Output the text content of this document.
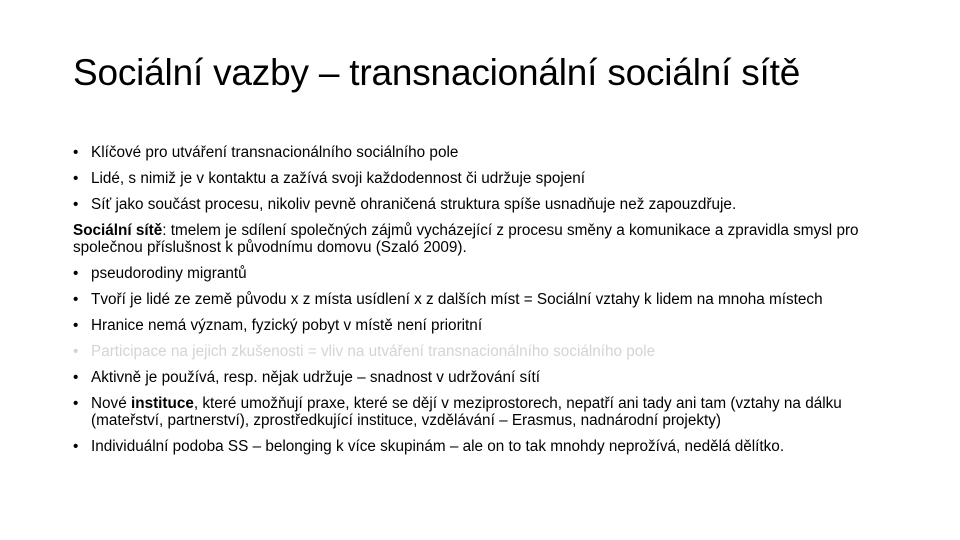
Sociální vazby – transnacionální sociální sítě
• Klíčové pro utváření transnacionálního sociálního pole
• Lidé, s nimiž je v kontaktu a zažívá svoji každodennost či udržuje spojení
• Síť jako součást procesu, nikoliv pevně ohraničená struktura spíše usnadňuje než zapouzdřuje.
Sociální sítě: tmelem je sdílení společných zájmů vycházející z procesu směny a komunikace a zpravidla smysl pro společnou příslušnost k původnímu domovu (Szaló 2009).
• pseudorodiny migrantů
• Tvoří je lidé ze země původu x z místa usídlení x z dalších míst = Sociální vztahy k lidem na mnoha místech
• Hranice nemá význam, fyzický pobyt v místě není prioritní
• Participace na jejich zkušenosti = vliv na utváření transnacionálního sociálního pole
• Aktivně je používá, resp. nějak udržuje – snadnost v udržování sítí
• Nové instituce, které umožňují praxe, které se dějí v meziprostorech, nepatří ani tady ani tam (vztahy na dálku (mateřství, partnerství), zprostředkující instituce, vzdělávání – Erasmus, nadnárodní projekty)
• Individuální podoba SS – belonging k více skupinám – ale on to tak mnohdy neprožívá, nedělá dělítko.
